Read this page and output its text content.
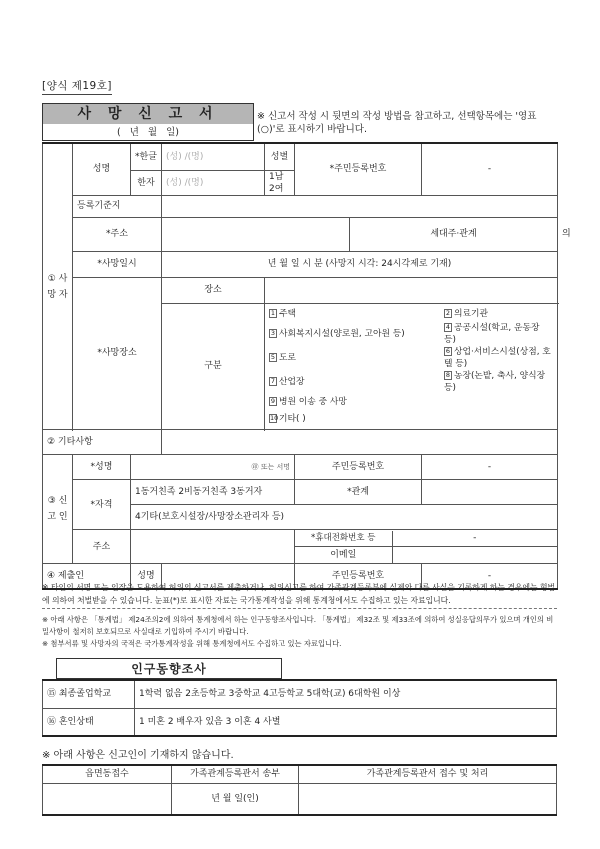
[양식 제19호]
사 망 신 고 서
( 년 월 일)
※ 신고서 작성 시 뒷면의 작성 방법을 참고하고, 선택항목에는 '영표(○)'로 표시하기 바랍니다.
① 사 망 자	성명	*한글	(성) /(명)	성별	*주민등록번호	-
한자	(성) /(명)	1남 2여
등록기준지	
*주소		세대주·관계	의
*사망일시	년 월 일 시 분 (사망지 시각: 24시각제로 기재)
*사망장소	장소	
구분	
1 주택	2 의료기관
3 사회복지시설(양로원, 고아원 등)	4 공공시설(학교, 운동장 등)
5 도로	6 상업·서비스시설(상점, 호텔 등)
7 산업장	8 농장(논밭, 축사, 양식장 등)
9 병원 이송 중 사망
10기타( )

② 기타사항	
③ 신 고 인	*성명	㊞ 또는 서명	주민등록번호	-
*자격	1동거친족 2비동거친족 3동거자	*관계	
4기타(보호시설장/사망장소관리자 등)
주소		
*휴대전화번호 등	-
이메일	

④ 제출인	성명		주민등록번호	-
※ 타인의 서명 또는 인장을 도용하여 허위의 신고서를 제출하거나, 허위신고를 하여 가족관계등록부에 실제와 다른 사실을 기록하게 하는 경우에는 형법에 의하여 처벌받을 수 있습니다. 눈표(*)로 표시한 자료는 국가통계작성을 위해 통계청에서도 수집하고 있는 자료입니다.
※ 아래 사항은 「통계법」 제24조의2에 의하여 통계청에서 하는 인구동향조사입니다. 「통계법」 제32조 및 제33조에 의하여 성실응답의무가 있으며 개인의 비밀사항이 철저히 보호되므로 사실대로 기입하여 주시기 바랍니다.
※ 첨부서류 및 사망자의 국적은 국가통계작성을 위해 통계청에서도 수집하고 있는 자료입니다.
인구동향조사
⑮ 최종졸업학교	1학력 없음 2초등학교 3중학교 4고등학교 5대학(교) 6대학원 이상
⑯ 혼인상태	1 미혼 2 배우자 있음 3 이혼 4 사별
※ 아래 사항은 신고인이 기재하지 않습니다.
읍면동접수	가족관계등록관서 송부	가족관계등록관서 접수 및 처리
	년 월 일(인)	
